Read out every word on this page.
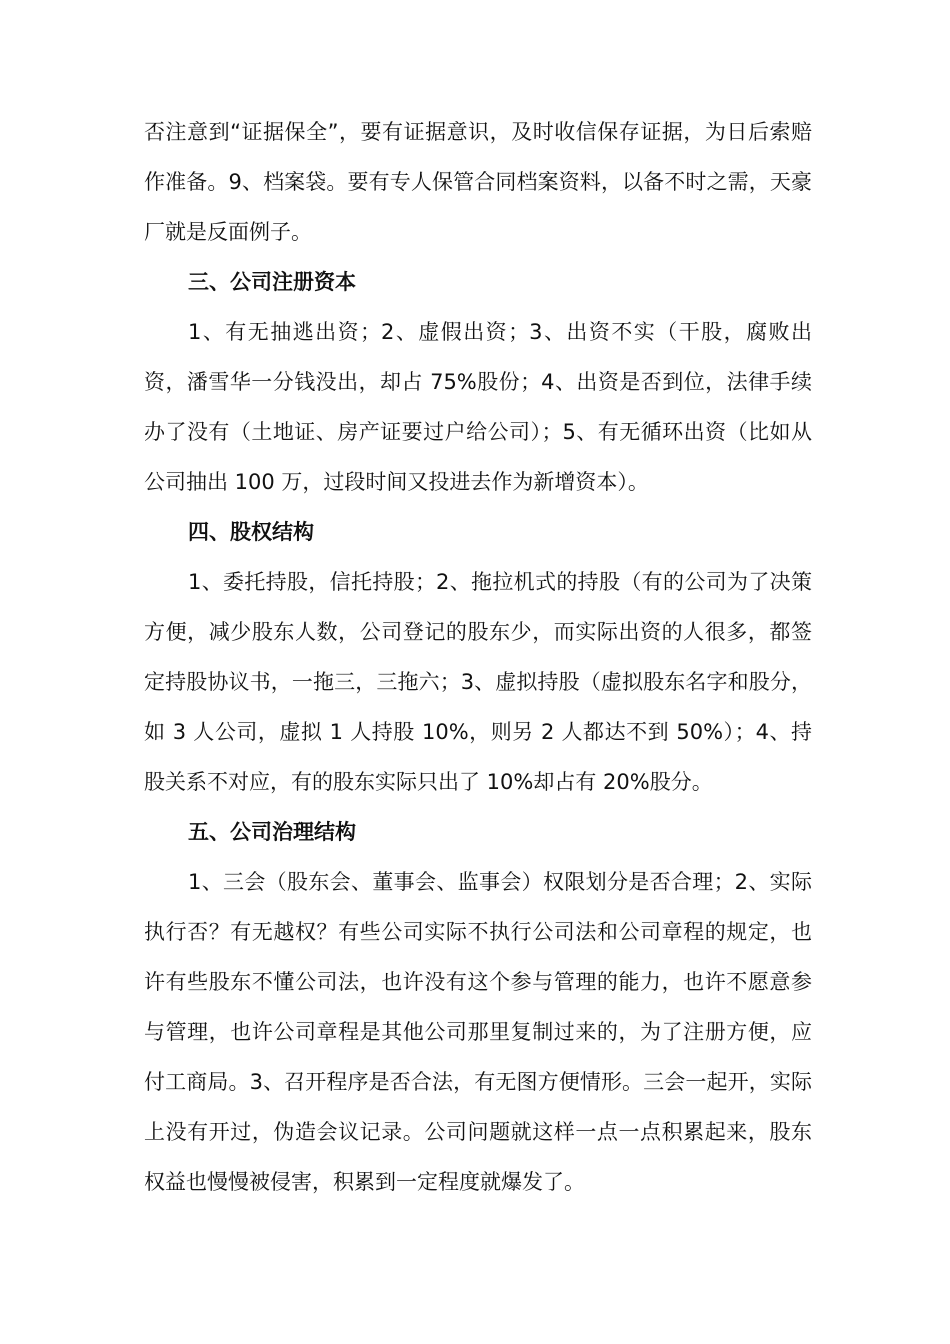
否注意到“证据保全”，要有证据意识，及时收信保存证据，为日后索赔作准备。9、档案袋。要有专人保管合同档案资料，以备不时之需，天豪厂就是反面例子。

三、公司注册资本

1、有无抽逃出资；2、虚假出资；3、出资不实（干股，腐败出资，潘雪华一分钱没出，却占 75%股份；4、出资是否到位，法律手续办了没有（土地证、房产证要过户给公司）；5、有无循环出资（比如从公司抽出 100 万，过段时间又投进去作为新增资本）。

四、股权结构

1、委托持股，信托持股；2、拖拉机式的持股（有的公司为了决策方便，减少股东人数，公司登记的股东少，而实际出资的人很多，都签定持股协议书，一拖三，三拖六；3、虚拟持股（虚拟股东名字和股分，如 3 人公司，虚拟 1 人持股 10%，则另 2 人都达不到 50%）；4、持股关系不对应，有的股东实际只出了 10%却占有 20%股分。

五、公司治理结构

1、三会（股东会、董事会、监事会）权限划分是否合理；2、实际执行否？有无越权？有些公司实际不执行公司法和公司章程的规定，也许有些股东不懂公司法，也许没有这个参与管理的能力，也许不愿意参与管理，也许公司章程是其他公司那里复制过来的，为了注册方便，应付工商局。3、召开程序是否合法，有无图方便情形。三会一起开，实际上没有开过，伪造会议记录。公司问题就这样一点一点积累起来，股东权益也慢慢被侵害，积累到一定程度就爆发了。
